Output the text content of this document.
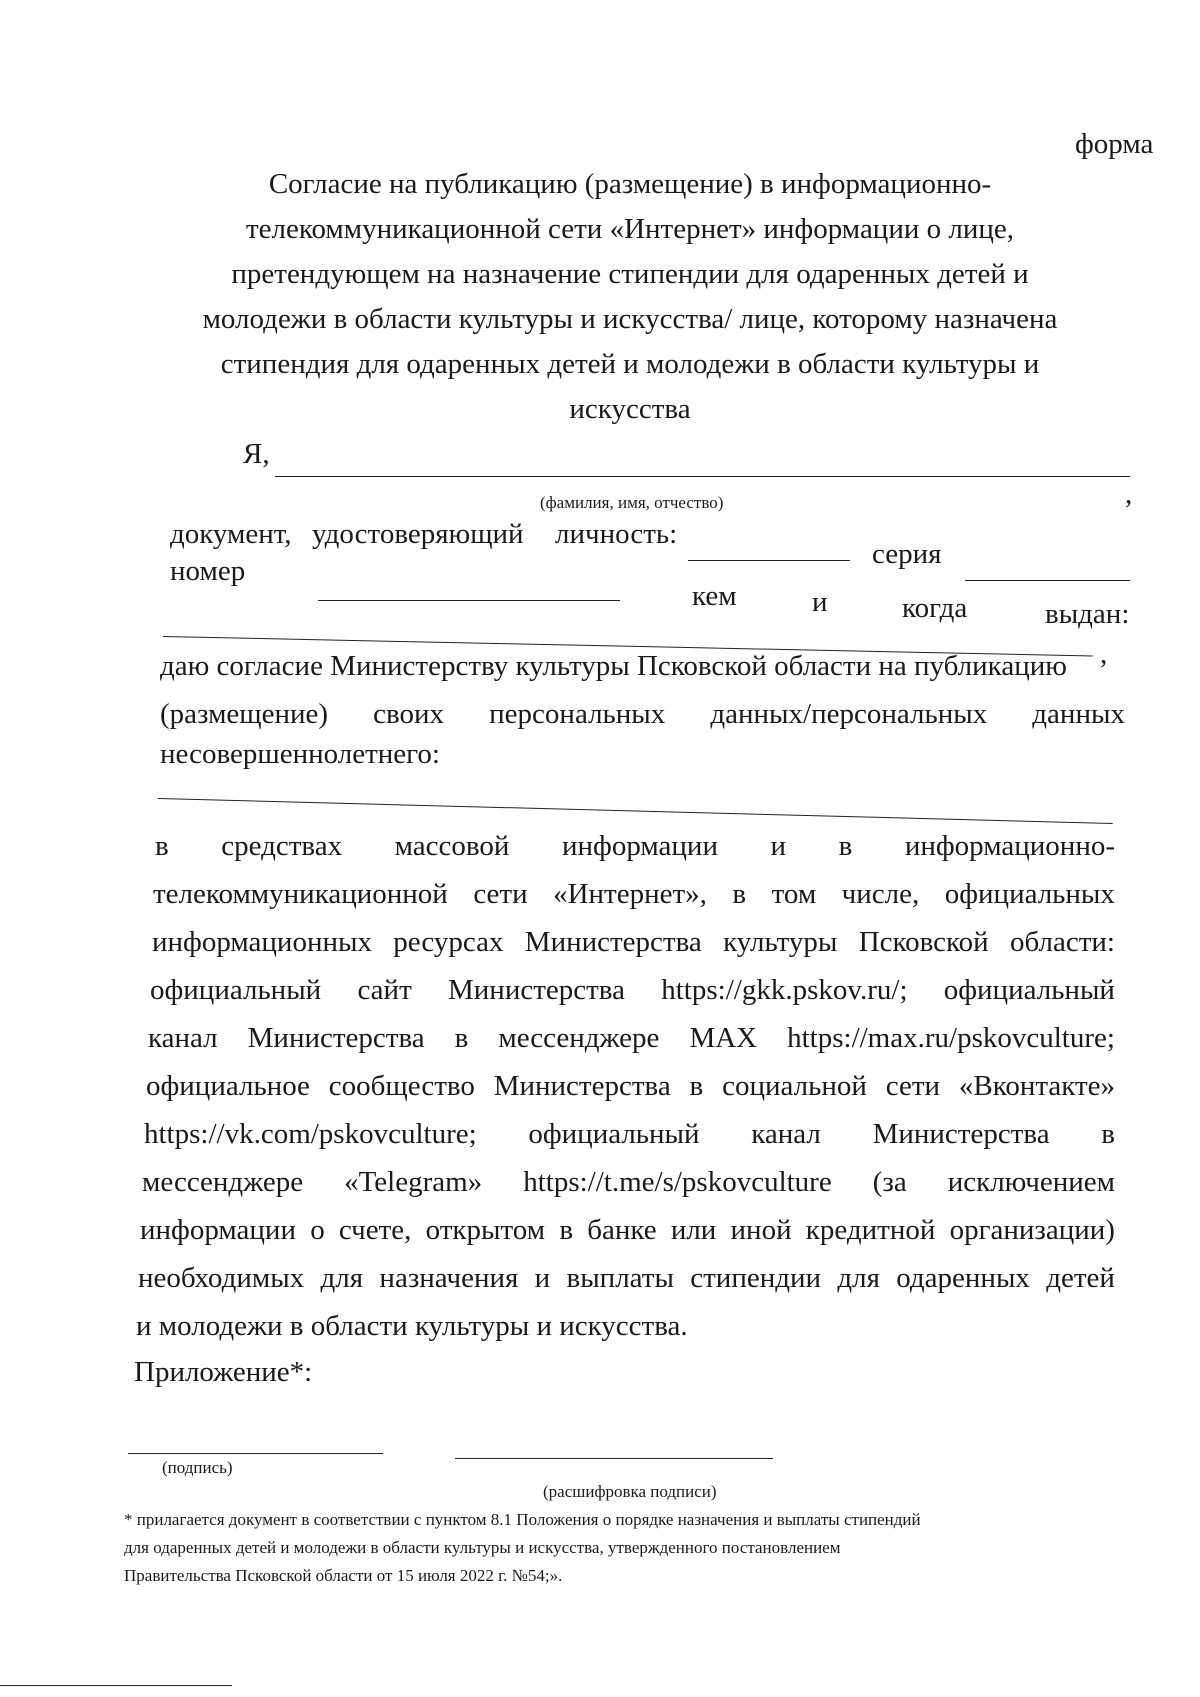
форма
Согласие на публикацию (размещение) в информационно-
телекоммуникационной сети «Интернет» информации о лице,
претендующем на назначение стипендии для одаренных детей и
молодежи в области культуры и искусства/ лице, которому назначена
стипендия для одаренных детей и молодежи в области культуры и
искусства
Я,
,
(фамилия, имя, отчество)
документ, удостоверяющий личность:
серия
номер
кем	и	когда	выдан:
,
даю согласие Министерству культуры Псковской области на публикацию
(размещение) своих персональных данных/персональных данных
несовершеннолетнего:
в средствах массовой информации и в информационно-
телекоммуникационной сети «Интернет», в том числе, официальных
информационных ресурсах Министерства культуры Псковской области:
официальный сайт Министерства https://gkk.pskov.ru/; официальный
канал Министерства в мессенджере MAX https://max.ru/pskovculture;
официальное сообщество Министерства в социальной сети «Вконтакте»
https://vk.com/pskovculture; официальный канал Министерства в
мессенджере «Telegram» https://t.me/s/pskovculture (за исключением
информации о счете, открытом в банке или иной кредитной организации)
необходимых для назначения и выплаты стипендии для одаренных детей
и молодежи в области культуры и искусства.
Приложение*:
(подпись)
(расшифровка подписи)
* прилагается документ в соответствии с пунктом 8.1 Положения о порядке назначения и выплаты стипендий
для одаренных детей и молодежи в области культуры и искусства, утвержденного постановлением
Правительства Псковской области от 15 июля 2022 г. №54;».
